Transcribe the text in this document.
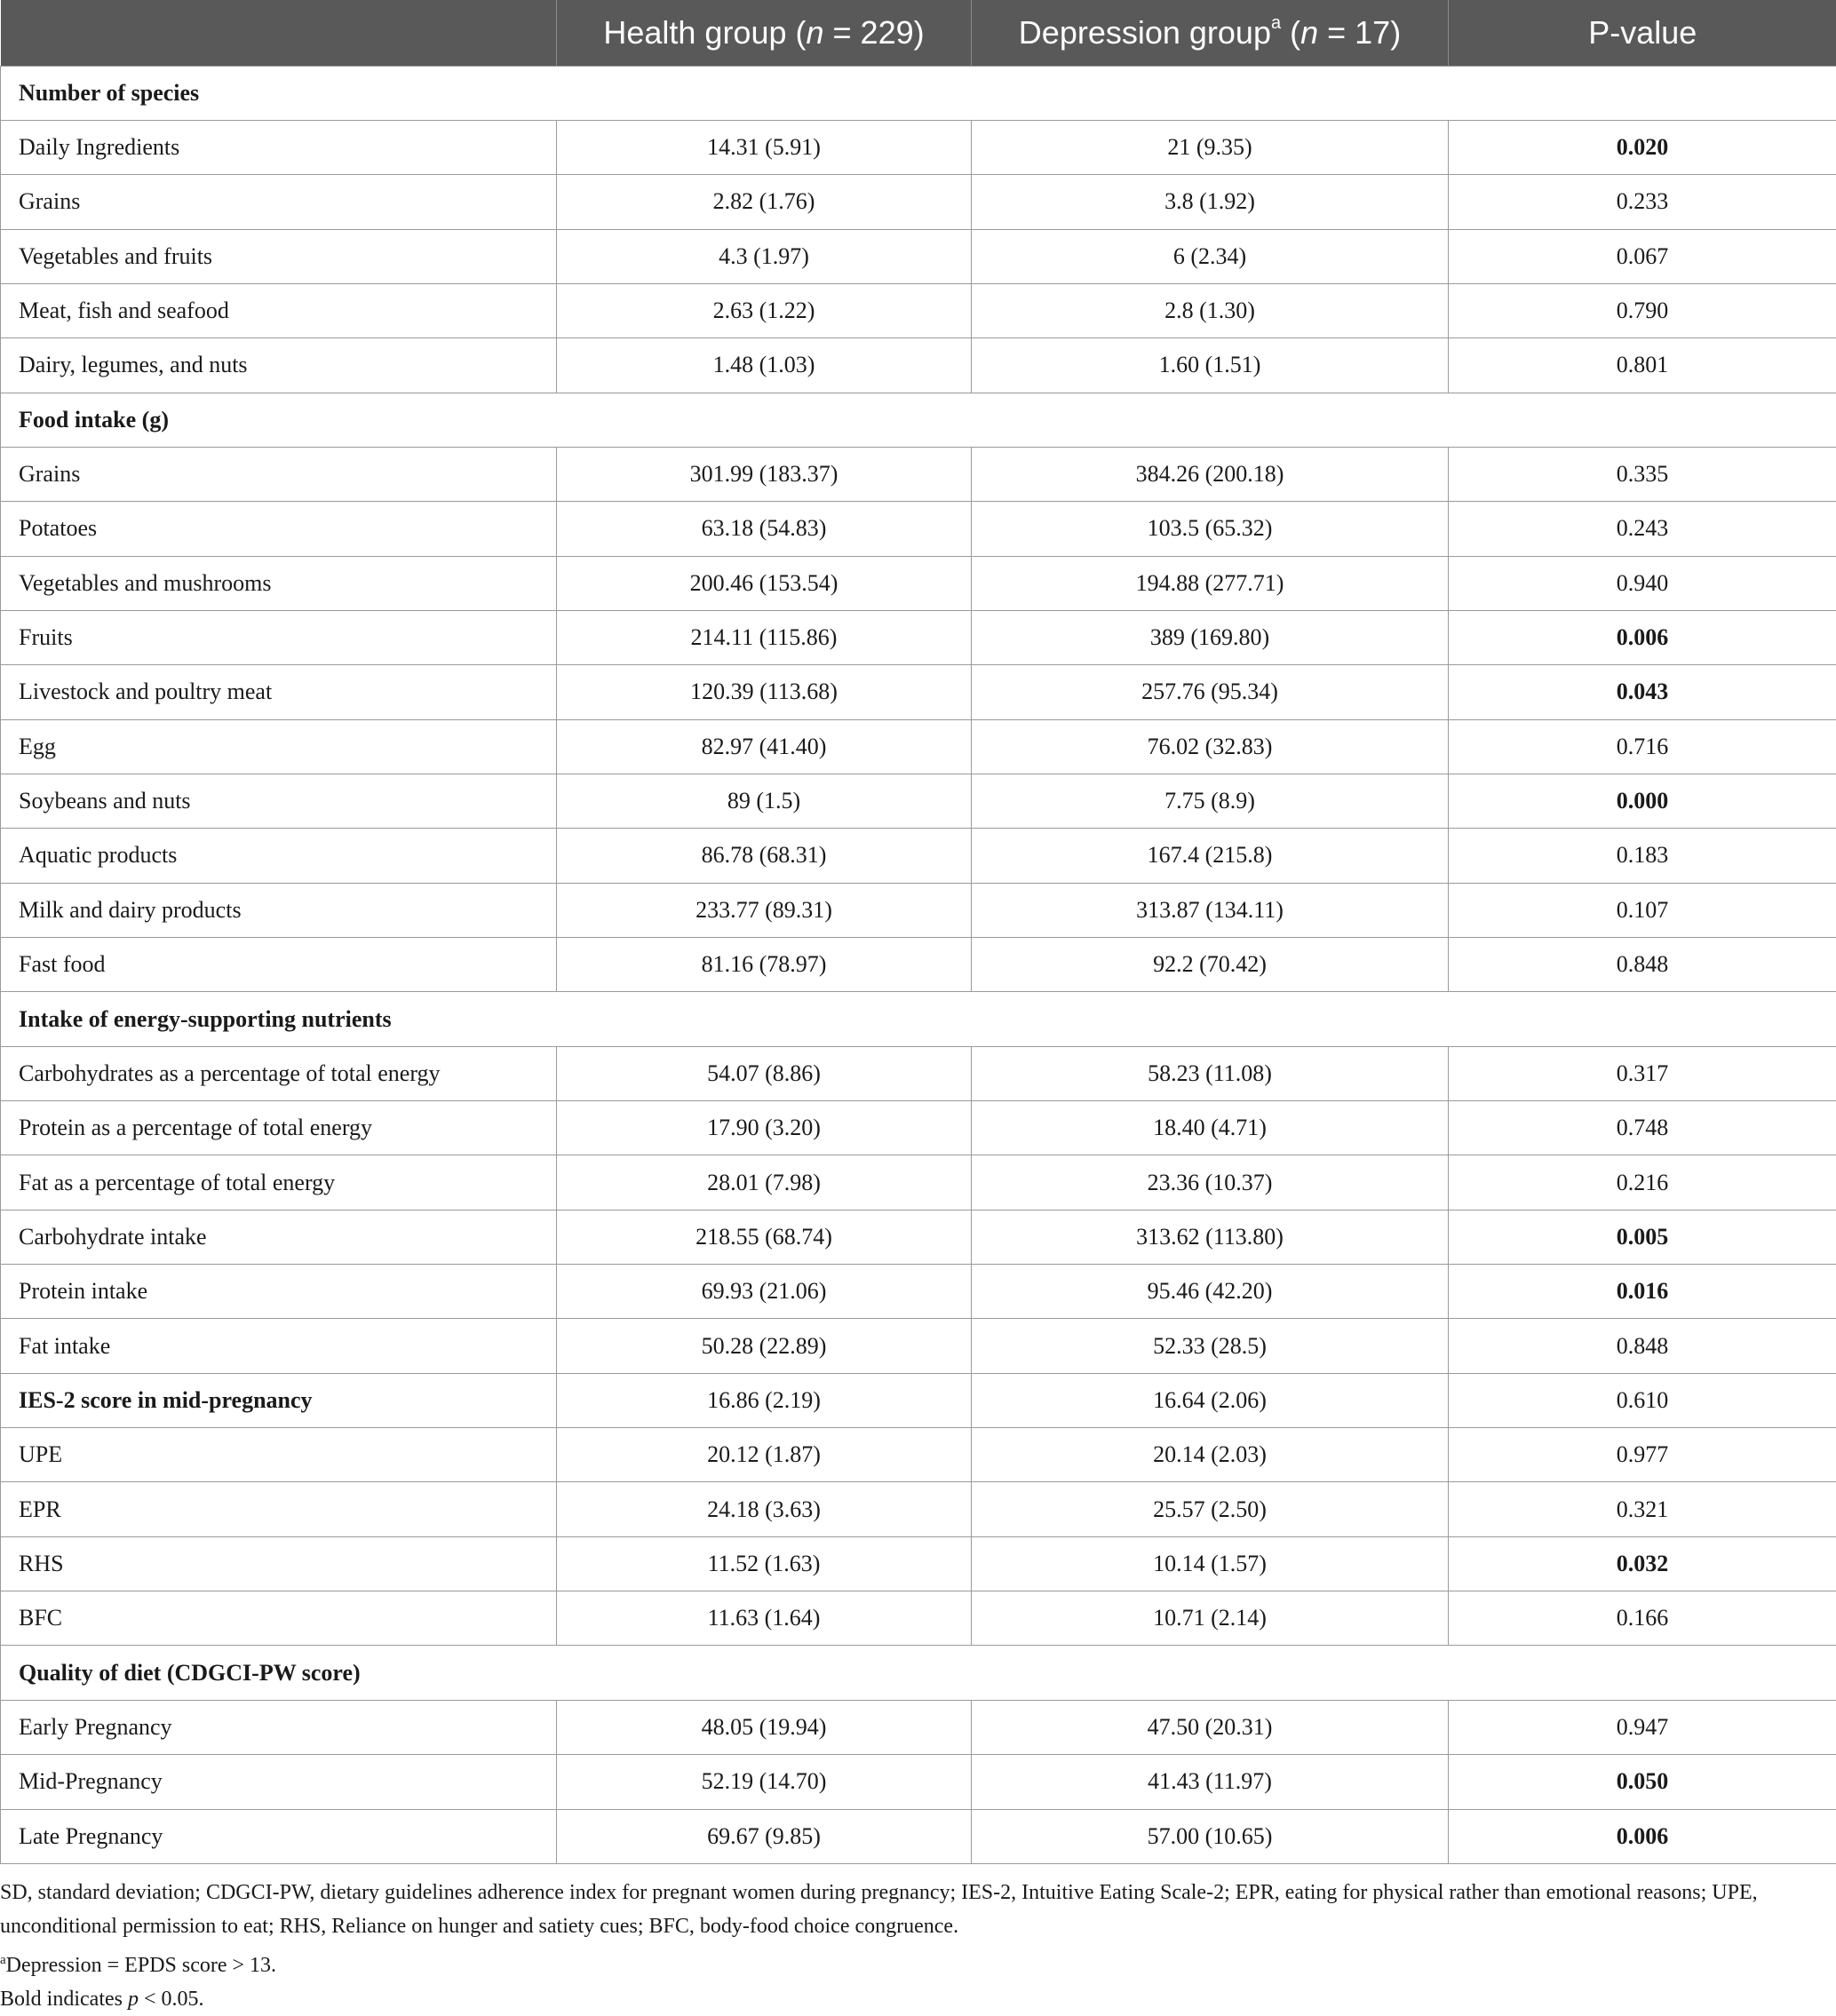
	Health group (n = 229)	Depression group$^a$ (n = 17)	P-value
Number of species			
Daily Ingredients	14.31 (5.91)	21 (9.35)	0.020
Grains	2.82 (1.76)	3.8 (1.92)	0.233
Vegetables and fruits	4.3 (1.97)	6 (2.34)	0.067
Meat, fish and seafood	2.63 (1.22)	2.8 (1.30)	0.790
Dairy, legumes, and nuts	1.48 (1.03)	1.60 (1.51)	0.801
Food intake (g)			
Grains	301.99 (183.37)	384.26 (200.18)	0.335
Potatoes	63.18 (54.83)	103.5 (65.32)	0.243
Vegetables and mushrooms	200.46 (153.54)	194.88 (277.71)	0.940
Fruits	214.11 (115.86)	389 (169.80)	0.006
Livestock and poultry meat	120.39 (113.68)	257.76 (95.34)	0.043
Egg	82.97 (41.40)	76.02 (32.83)	0.716
Soybeans and nuts	89 (1.5)	7.75 (8.9)	0.000
Aquatic products	86.78 (68.31)	167.4 (215.8)	0.183
Milk and dairy products	233.77 (89.31)	313.87 (134.11)	0.107
Fast food	81.16 (78.97)	92.2 (70.42)	0.848
Intake of energy-supporting nutrients			
Carbohydrates as a percentage of total energy	54.07 (8.86)	58.23 (11.08)	0.317
Protein as a percentage of total energy	17.90 (3.20)	18.40 (4.71)	0.748
Fat as a percentage of total energy	28.01 (7.98)	23.36 (10.37)	0.216
Carbohydrate intake	218.55 (68.74)	313.62 (113.80)	0.005
Protein intake	69.93 (21.06)	95.46 (42.20)	0.016
Fat intake	50.28 (22.89)	52.33 (28.5)	0.848
IES-2 score in mid-pregnancy	16.86 (2.19)	16.64 (2.06)	0.610
UPE	20.12 (1.87)	20.14 (2.03)	0.977
EPR	24.18 (3.63)	25.57 (2.50)	0.321
RHS	11.52 (1.63)	10.14 (1.57)	0.032
BFC	11.63 (1.64)	10.71 (2.14)	0.166
Quality of diet (CDGCI-PW score)			
Early Pregnancy	48.05 (19.94)	47.50 (20.31)	0.947
Mid-Pregnancy	52.19 (14.70)	41.43 (11.97)	0.050
Late Pregnancy	69.67 (9.85)	57.00 (10.65)	0.006

SD, standard deviation; CDGCI-PW, dietary guidelines adherence index for pregnant women during pregnancy; IES-2, Intuitive Eating Scale-2; EPR, eating for physical rather than emotional reasons; UPE, unconditional permission to eat; RHS, Reliance on hunger and satiety cues; BFC, body-food choice congruence.

$^a$Depression = EPDS score > 13.

Bold indicates p < 0.05.
